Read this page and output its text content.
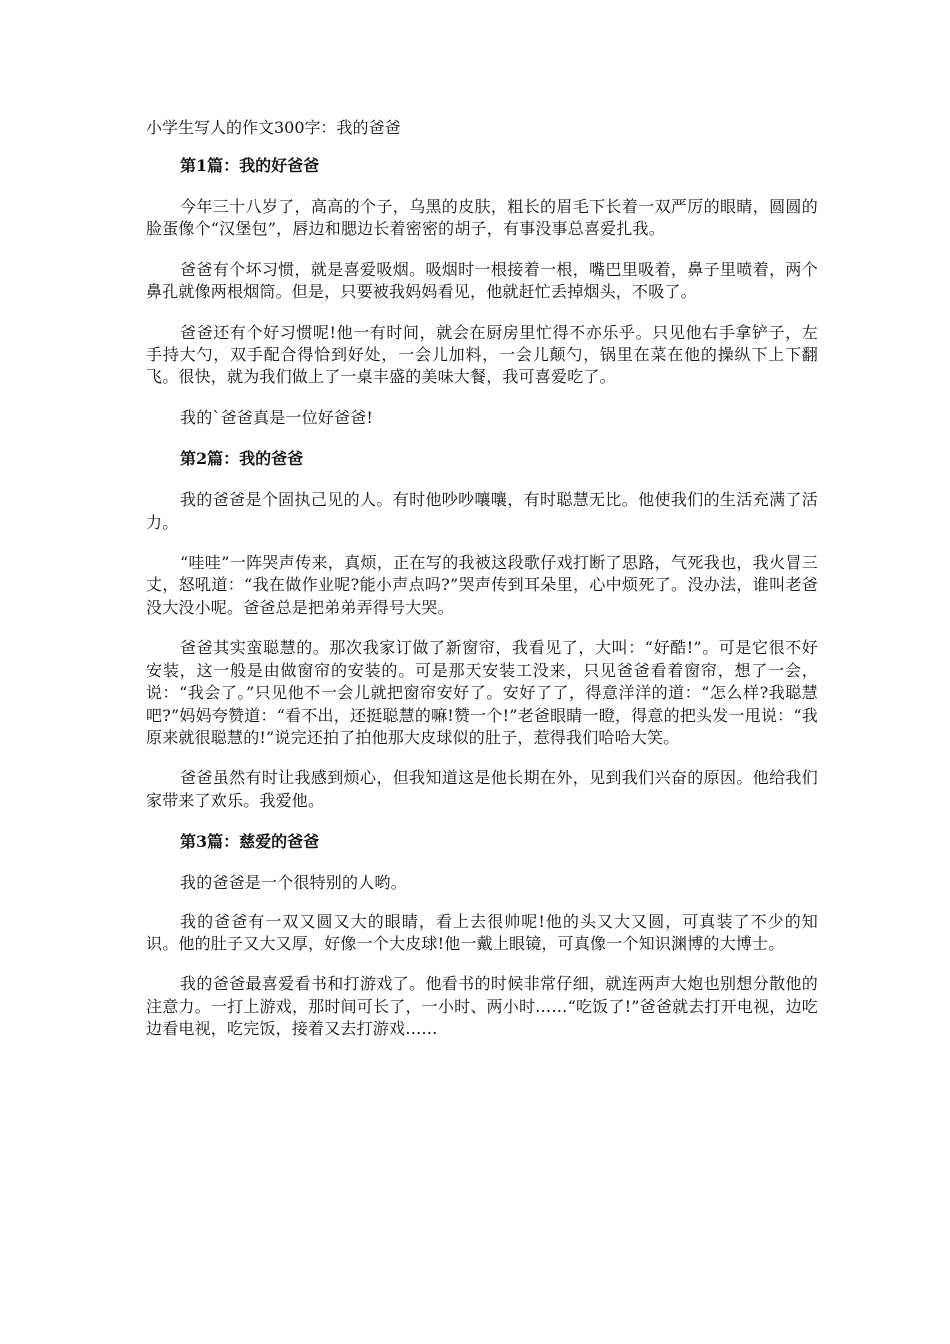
小学生写人的作文300字：我的爸爸
第1篇：我的好爸爸

今年三十八岁了，高高的个子，乌黑的皮肤，粗长的眉毛下长着一双严厉的眼睛，圆圆的脸蛋像个“汉堡包”，唇边和腮边长着密密的胡子，有事没事总喜爱扎我。

爸爸有个坏习惯，就是喜爱吸烟。吸烟时一根接着一根，嘴巴里吸着，鼻子里喷着，两个鼻孔就像两根烟筒。但是，只要被我妈妈看见，他就赶忙丢掉烟头，不吸了。

爸爸还有个好习惯呢!他一有时间，就会在厨房里忙得不亦乐乎。只见他右手拿铲子，左手持大勺，双手配合得恰到好处，一会儿加料，一会儿颠勺，锅里在菜在他的操纵下上下翻飞。很快，就为我们做上了一桌丰盛的美味大餐，我可喜爱吃了。

我的`爸爸真是一位好爸爸!

第2篇：我的爸爸

我的爸爸是个固执己见的人。有时他吵吵嚷嚷，有时聪慧无比。他使我们的生活充满了活力。

“哇哇”一阵哭声传来，真烦，正在写的我被这段歌仔戏打断了思路，气死我也，我火冒三丈，怒吼道：“我在做作业呢?能小声点吗?”哭声传到耳朵里，心中烦死了。没办法，谁叫老爸没大没小呢。爸爸总是把弟弟弄得号大哭。

爸爸其实蛮聪慧的。那次我家订做了新窗帘，我看见了，大叫：“好酷!”。可是它很不好安装，这一般是由做窗帘的安装的。可是那天安装工没来，只见爸爸看着窗帘，想了一会，说：“我会了。”只见他不一会儿就把窗帘安好了。安好了了，得意洋洋的道：“怎么样?我聪慧吧?”妈妈夸赞道：“看不出，还挺聪慧的嘛!赞一个!”老爸眼睛一瞪，得意的把头发一甩说：“我原来就很聪慧的!”说完还拍了拍他那大皮球似的肚子，惹得我们哈哈大笑。

爸爸虽然有时让我感到烦心，但我知道这是他长期在外，见到我们兴奋的原因。他给我们家带来了欢乐。我爱他。

第3篇：慈爱的爸爸

我的爸爸是一个很特别的人哟。

我的爸爸有一双又圆又大的眼睛，看上去很帅呢!他的头又大又圆，可真装了不少的知识。他的肚子又大又厚，好像一个大皮球!他一戴上眼镜，可真像一个知识渊博的大博士。

我的爸爸最喜爱看书和打游戏了。他看书的时候非常仔细，就连两声大炮也别想分散他的注意力。一打上游戏，那时间可长了，一小时、两小时……“吃饭了!”爸爸就去打开电视，边吃边看电视，吃完饭，接着又去打游戏……
